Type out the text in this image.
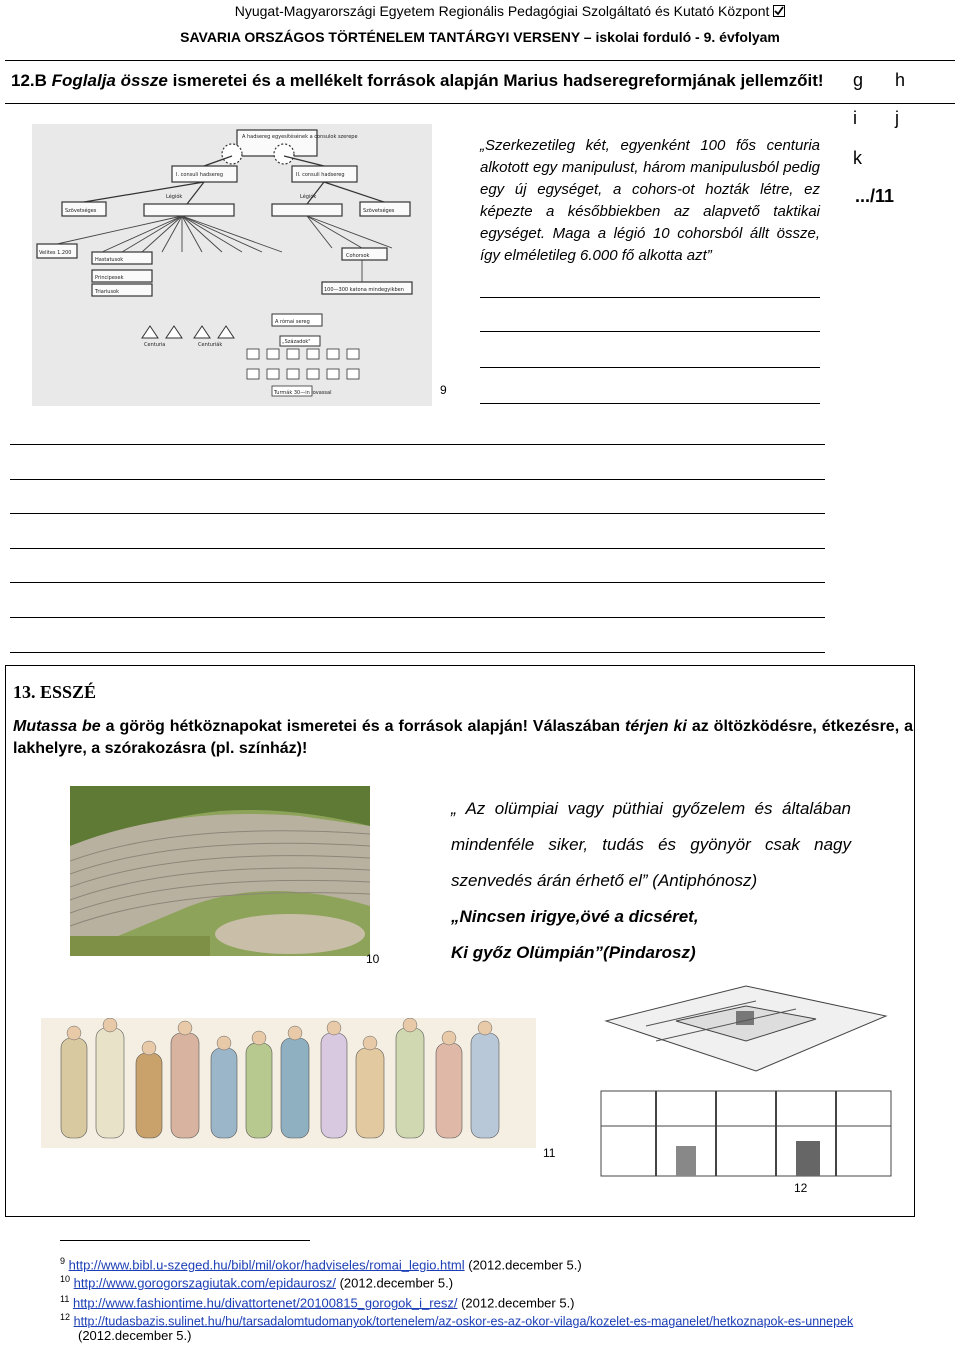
Nyugat-Magyarországi Egyetem Regionális Pedagógiai Szolgáltató és Kutató Központ
SAVARIA ORSZÁGOS TÖRTÉNELEM TANTÁRGYI VERSENY – iskolai forduló - 9. évfolyam
12.B Foglalja össze ismeretei és a mellékelt források alapján Marius hadseregreformjának jellemzőit! g h
i j
k
.../11
A hadsereg egyesítésének a consulok szerepe
I. consuli hadsereg	II. consuli hadsereg
Légiók	Légiók
Szövetséges	Szövetséges
Velites 1.200
Hastatusok
Principesek
Triariusok
Cohorsok
100—300 katona mindegyikben
Centuria	Centuriák
A római sereg
„Századok"
Turmák 30—in lovassal
„Szerkezetileg két, egyenként 100 fős centuria alkotott egy manipulust, három manipulusból pedig egy új egységet, a cohors-ot hozták létre, ez képezte a későbbiekben az alapvető taktikai egységet. Maga a légió 10 cohorsból állt össze, így elméletileg 6.000 fő alkotta azt”
9
13. ESSZÉ
Mutassa be a görög hétköznapokat ismeretei és a források alapján! Válaszában térjen ki az öltözködésre, étkezésre, a lakhelyre, a szórakozásra (pl. színház)!
10
„ Az olümpiai vagy püthiai győzelem és általában mindenféle siker, tudás és gyönyör csak nagy szenvedés árán érhető el” (Antiphónosz)
„Nincsen irigye,övé a dicséret,
Ki győz Olümpián”(Pindarosz)
11
12
$^9$ http://www.bibl.u-szeged.hu/bibl/mil/okor/hadviseles/romai_legio.html (2012.december 5.)
$^{10}$ http://www.gorogorszagiutak.com/epidaurosz/ (2012.december 5.)
$^{11}$ http://www.fashiontime.hu/divattortenet/20100815_gorogok_i_resz/ (2012.december 5.)
$^{12}$ http://tudasbazis.sulinet.hu/hu/tarsadalomtudomanyok/tortenelem/az-oskor-es-az-okor-vilaga/kozelet-es-maganelet/hetkoznapok-es-unnepek
(2012.december 5.)
